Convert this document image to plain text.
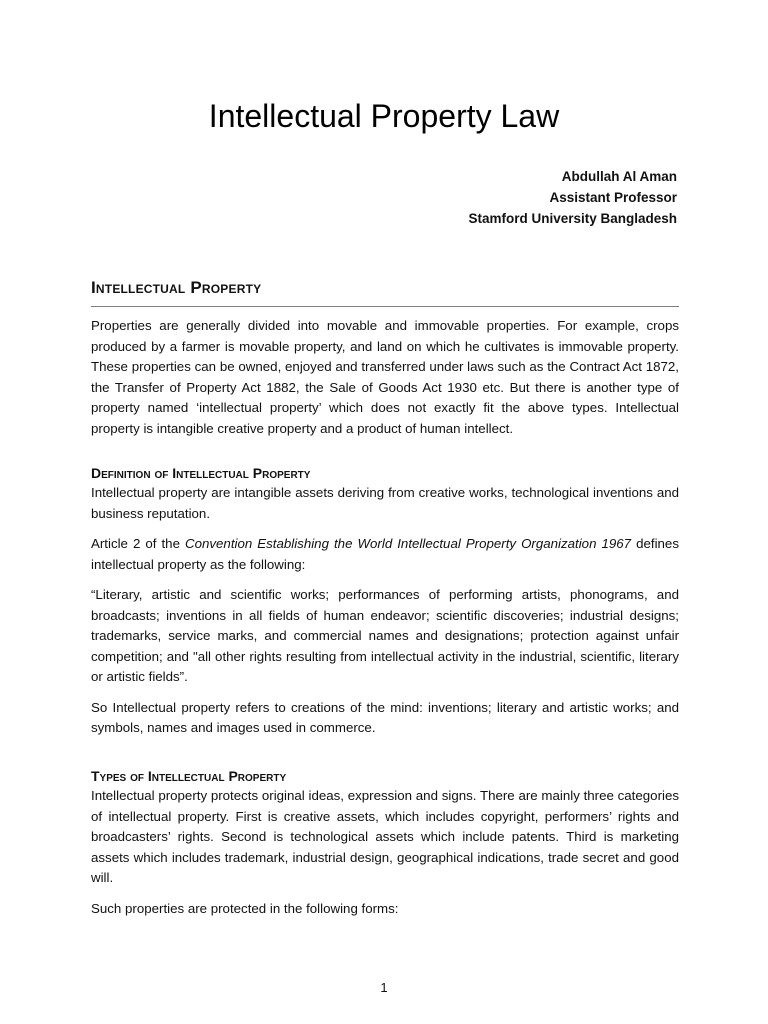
Intellectual Property Law
Abdullah Al Aman
Assistant Professor
Stamford University Bangladesh
Intellectual Property

Properties are generally divided into movable and immovable properties. For example, crops produced by a farmer is movable property, and land on which he cultivates is immovable property. These properties can be owned, enjoyed and transferred under laws such as the Contract Act 1872, the Transfer of Property Act 1882, the Sale of Goods Act 1930 etc. But there is another type of property named ‘intellectual property’ which does not exactly fit the above types. Intellectual property is intangible creative property and a product of human intellect.

Definition of Intellectual Property

Intellectual property are intangible assets deriving from creative works, technological inventions and business reputation.

Article 2 of the Convention Establishing the World Intellectual Property Organization 1967 defines intellectual property as the following:

“Literary, artistic and scientific works; performances of performing artists, phonograms, and broadcasts; inventions in all fields of human endeavor; scientific discoveries; industrial designs; trademarks, service marks, and commercial names and designations; protection against unfair competition; and "all other rights resulting from intellectual activity in the industrial, scientific, literary or artistic fields”.

So Intellectual property refers to creations of the mind: inventions; literary and artistic works; and symbols, names and images used in commerce.

Types of Intellectual Property

Intellectual property protects original ideas, expression and signs. There are mainly three categories of intellectual property. First is creative assets, which includes copyright, performers’ rights and broadcasters’ rights. Second is technological assets which include patents. Third is marketing assets which includes trademark, industrial design, geographical indications, trade secret and good will.

Such properties are protected in the following forms:

1
